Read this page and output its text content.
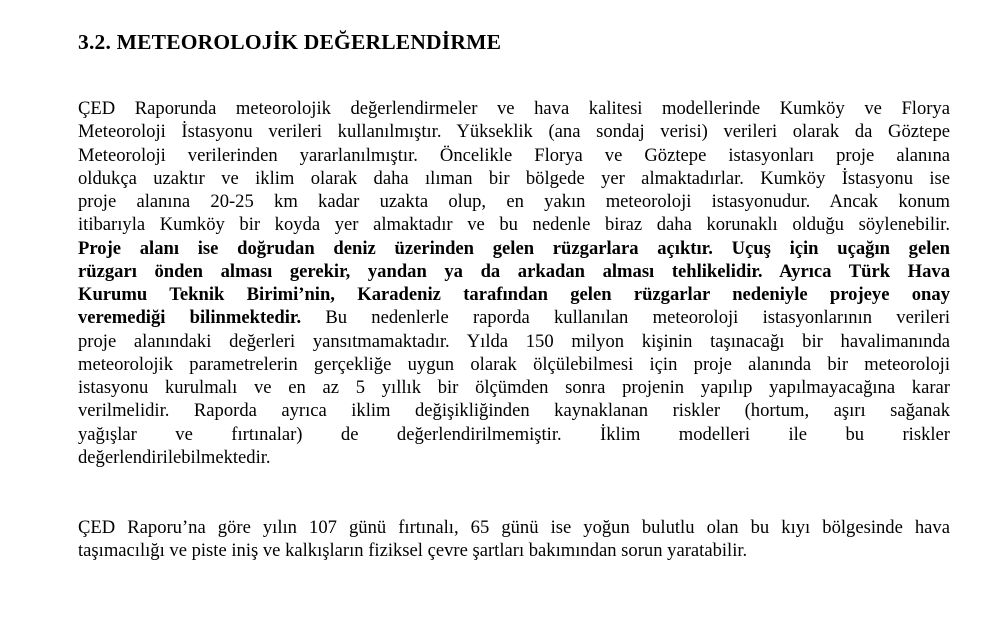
3.2. METEOROLOJİK DEĞERLENDİRME
ÇED Raporunda meteorolojik değerlendirmeler ve hava kalitesi modellerinde Kumköy ve Florya
Meteoroloji İstasyonu verileri kullanılmıştır. Yükseklik (ana sondaj verisi) verileri olarak da Göztepe
Meteoroloji verilerinden yararlanılmıştır. Öncelikle Florya ve Göztepe istasyonları proje alanına
oldukça uzaktır ve iklim olarak daha ılıman bir bölgede yer almaktadırlar. Kumköy İstasyonu ise
proje alanına 20-25 km kadar uzakta olup, en yakın meteoroloji istasyonudur. Ancak konum
itibarıyla Kumköy bir koyda yer almaktadır ve bu nedenle biraz daha korunaklı olduğu söylenebilir.
Proje alanı ise doğrudan deniz üzerinden gelen rüzgarlara açıktır. Uçuş için uçağın gelen
rüzgarı önden alması gerekir, yandan ya da arkadan alması tehlikelidir. Ayrıca Türk Hava
Kurumu Teknik Birimi’nin, Karadeniz tarafından gelen rüzgarlar nedeniyle projeye onay
veremediği bilinmektedir. Bu nedenlerle raporda kullanılan meteoroloji istasyonlarının verileri
proje alanındaki değerleri yansıtmamaktadır. Yılda 150 milyon kişinin taşınacağı bir havalimanında
meteorolojik parametrelerin gerçekliğe uygun olarak ölçülebilmesi için proje alanında bir meteoroloji
istasyonu kurulmalı ve en az 5 yıllık bir ölçümden sonra projenin yapılıp yapılmayacağına karar
verilmelidir. Raporda ayrıca iklim değişikliğinden kaynaklanan riskler (hortum, aşırı sağanak
yağışlar ve fırtınalar) de değerlendirilmemiştir. İklim modelleri ile bu riskler
değerlendirilebilmektedir.
ÇED Raporu’na göre yılın 107 günü fırtınalı, 65 günü ise yoğun bulutlu olan bu kıyı bölgesinde hava
taşımacılığı ve piste iniş ve kalkışların fiziksel çevre şartları bakımından sorun yaratabilir.
